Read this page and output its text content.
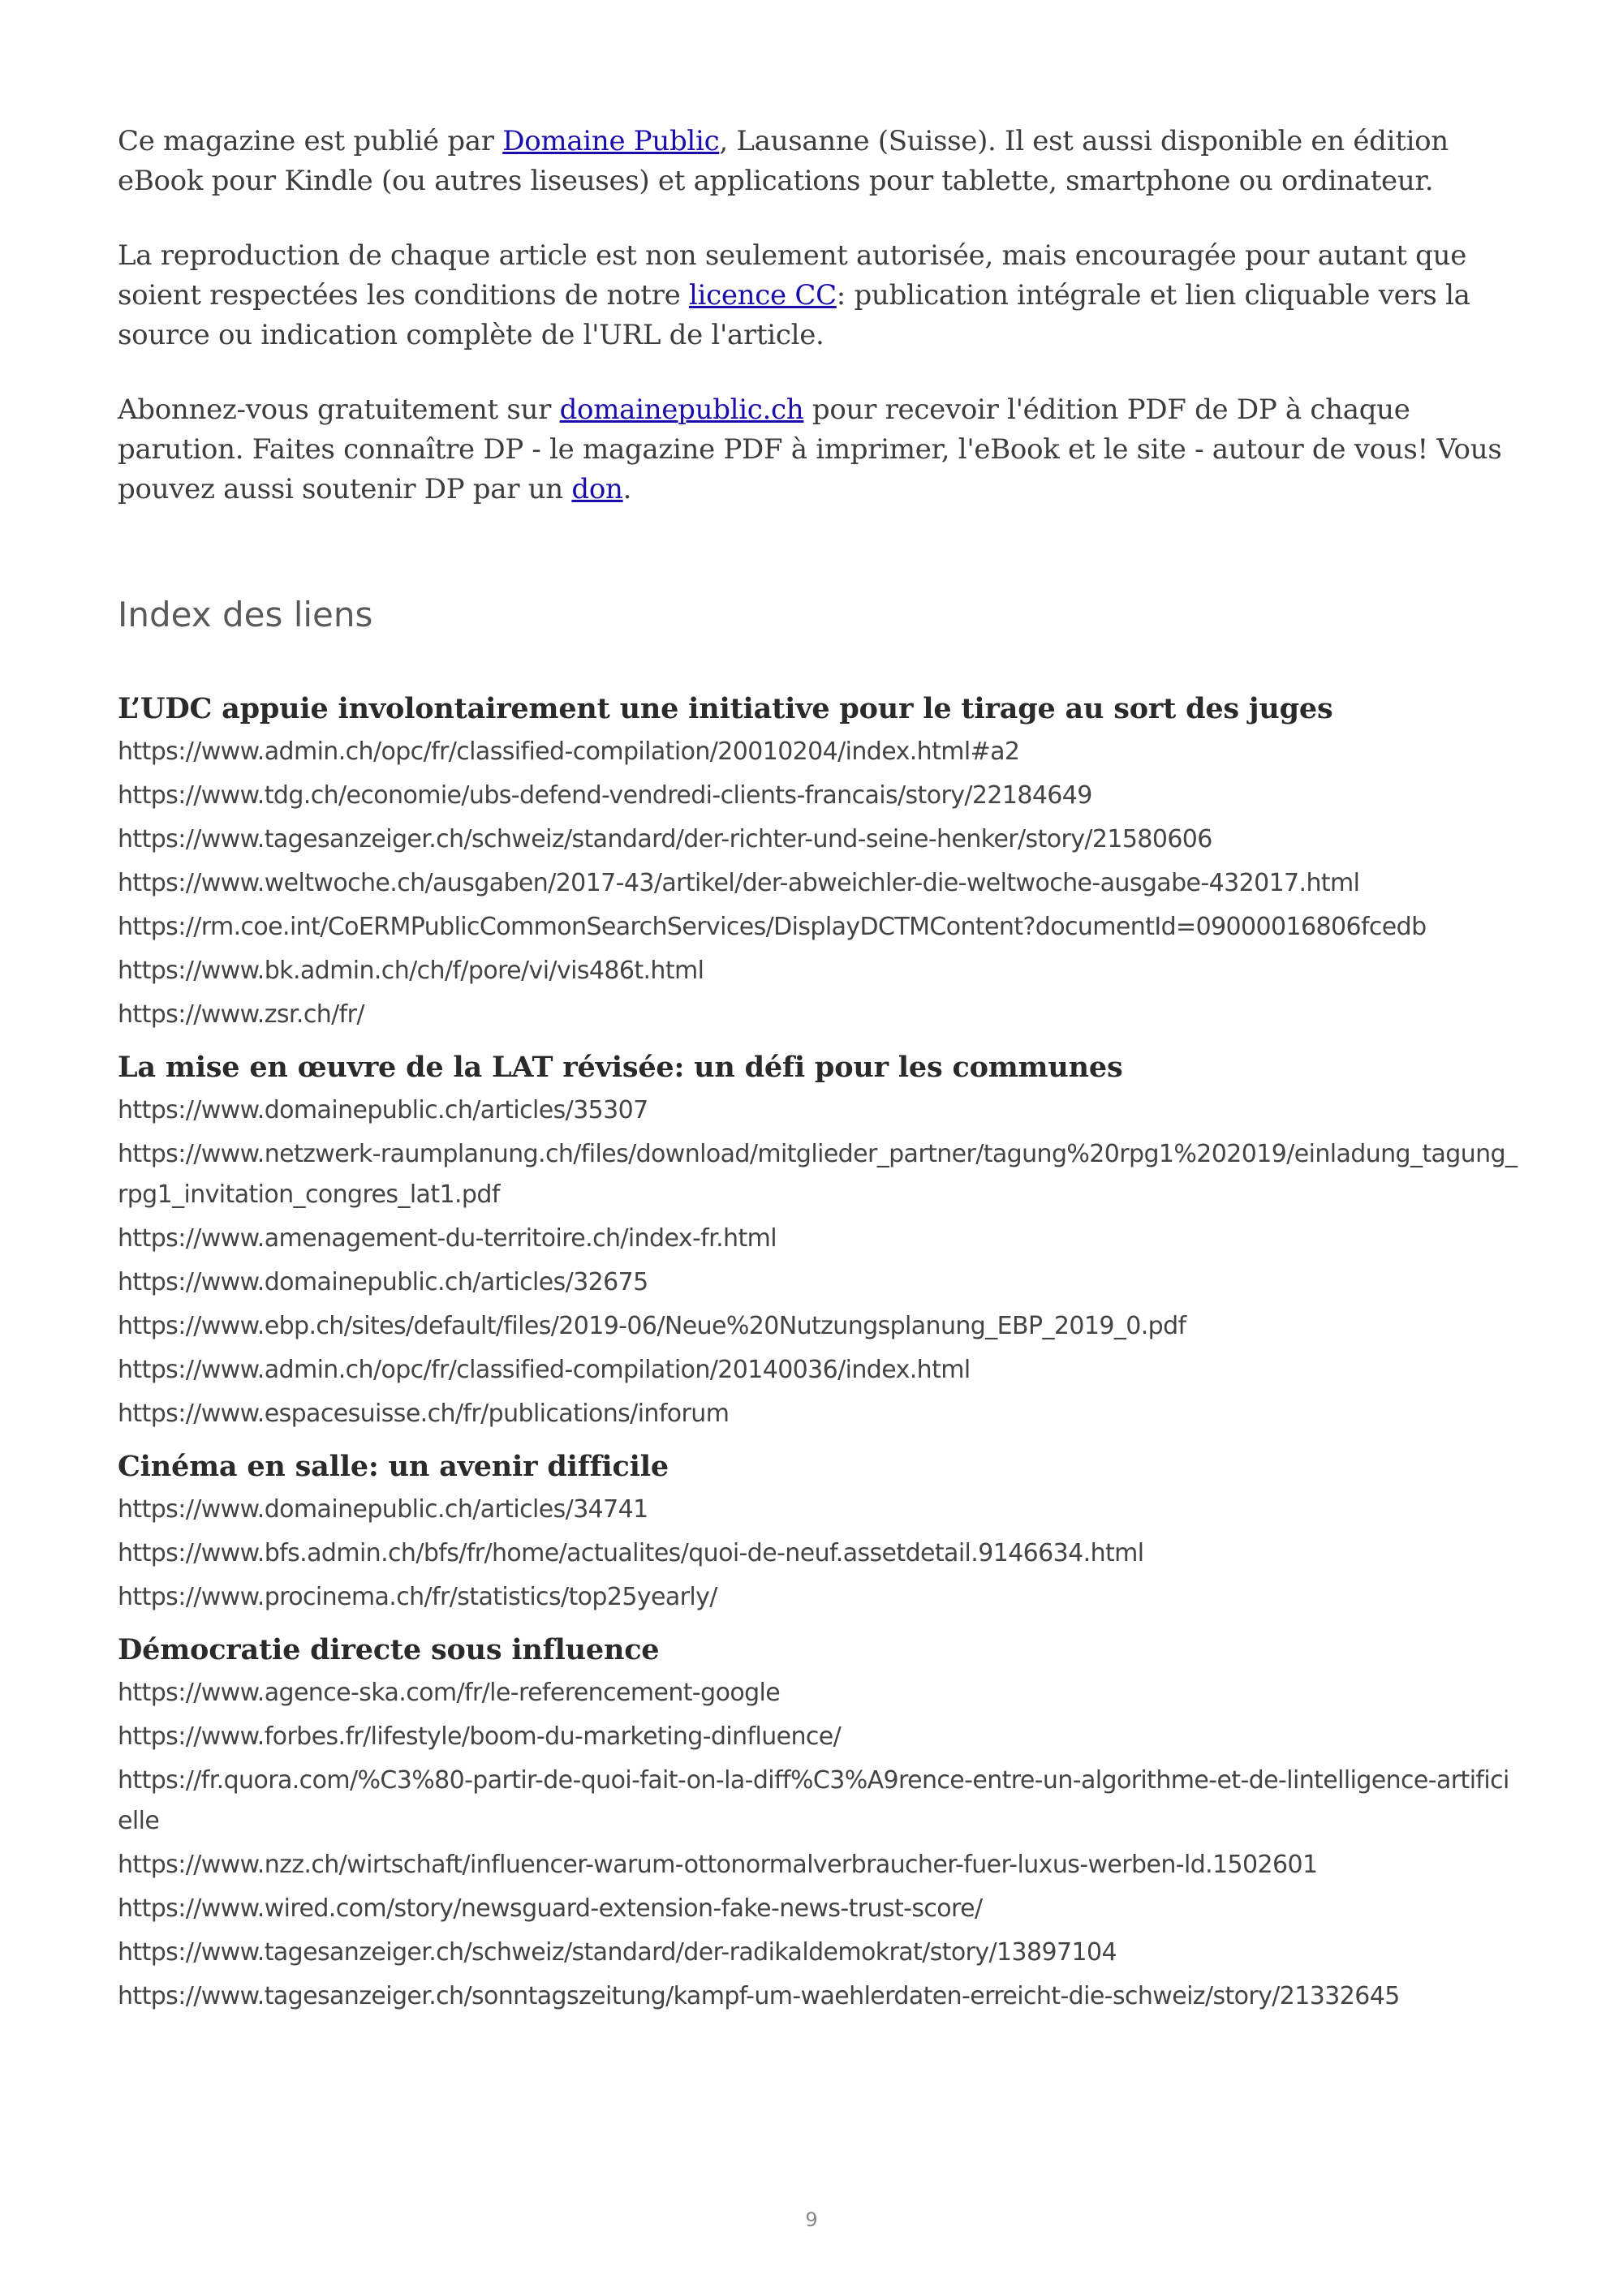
Ce magazine est publié par Domaine Public, Lausanne (Suisse). Il est aussi disponible en édition eBook pour Kindle (ou autres liseuses) et applications pour tablette, smartphone ou ordinateur.

La reproduction de chaque article est non seulement autorisée, mais encouragée pour autant que soient respectées les conditions de notre licence CC: publication intégrale et lien cliquable vers la source ou indication complète de l'URL de l'article.

Abonnez-vous gratuitement sur domainepublic.ch pour recevoir l'édition PDF de DP à chaque parution. Faites connaître DP - le magazine PDF à imprimer, l'eBook et le site - autour de vous! Vous pouvez aussi soutenir DP par un don.

Index des liens
L’UDC appuie involontairement une initiative pour le tirage au sort des juges
https://www.admin.ch/opc/fr/classified-compilation/20010204/index.html#a2
https://www.tdg.ch/economie/ubs-defend-vendredi-clients-francais/story/22184649
https://www.tagesanzeiger.ch/schweiz/standard/der-richter-und-seine-henker/story/21580606
https://www.weltwoche.ch/ausgaben/2017-43/artikel/der-abweichler-die-weltwoche-ausgabe-432017.html
https://rm.coe.int/CoERMPublicCommonSearchServices/DisplayDCTMContent?documentId=09000016806fcedb
https://www.bk.admin.ch/ch/f/pore/vi/vis486t.html
https://www.zsr.ch/fr/
La mise en œuvre de la LAT révisée: un défi pour les communes
https://www.domainepublic.ch/articles/35307
https://www.netzwerk-raumplanung.ch/files/download/mitglieder_partner/tagung%20rpg1%202019/einladung_tagung_rpg1_invitation_congres_lat1.pdf
https://www.amenagement-du-territoire.ch/index-fr.html
https://www.domainepublic.ch/articles/32675
https://www.ebp.ch/sites/default/files/2019-06/Neue%20Nutzungsplanung_EBP_2019_0.pdf
https://www.admin.ch/opc/fr/classified-compilation/20140036/index.html
https://www.espacesuisse.ch/fr/publications/inforum
Cinéma en salle: un avenir difficile
https://www.domainepublic.ch/articles/34741
https://www.bfs.admin.ch/bfs/fr/home/actualites/quoi-de-neuf.assetdetail.9146634.html
https://www.procinema.ch/fr/statistics/top25yearly/
Démocratie directe sous influence
https://www.agence-ska.com/fr/le-referencement-google
https://www.forbes.fr/lifestyle/boom-du-marketing-dinfluence/
https://fr.quora.com/%C3%80-partir-de-quoi-fait-on-la-diff%C3%A9rence-entre-un-algorithme-et-de-lintelligence-artificielle
https://www.nzz.ch/wirtschaft/influencer-warum-ottonormalverbraucher-fuer-luxus-werben-ld.1502601
https://www.wired.com/story/newsguard-extension-fake-news-trust-score/
https://www.tagesanzeiger.ch/schweiz/standard/der-radikaldemokrat/story/13897104
https://www.tagesanzeiger.ch/sonntagszeitung/kampf-um-waehlerdaten-erreicht-die-schweiz/story/21332645
9
